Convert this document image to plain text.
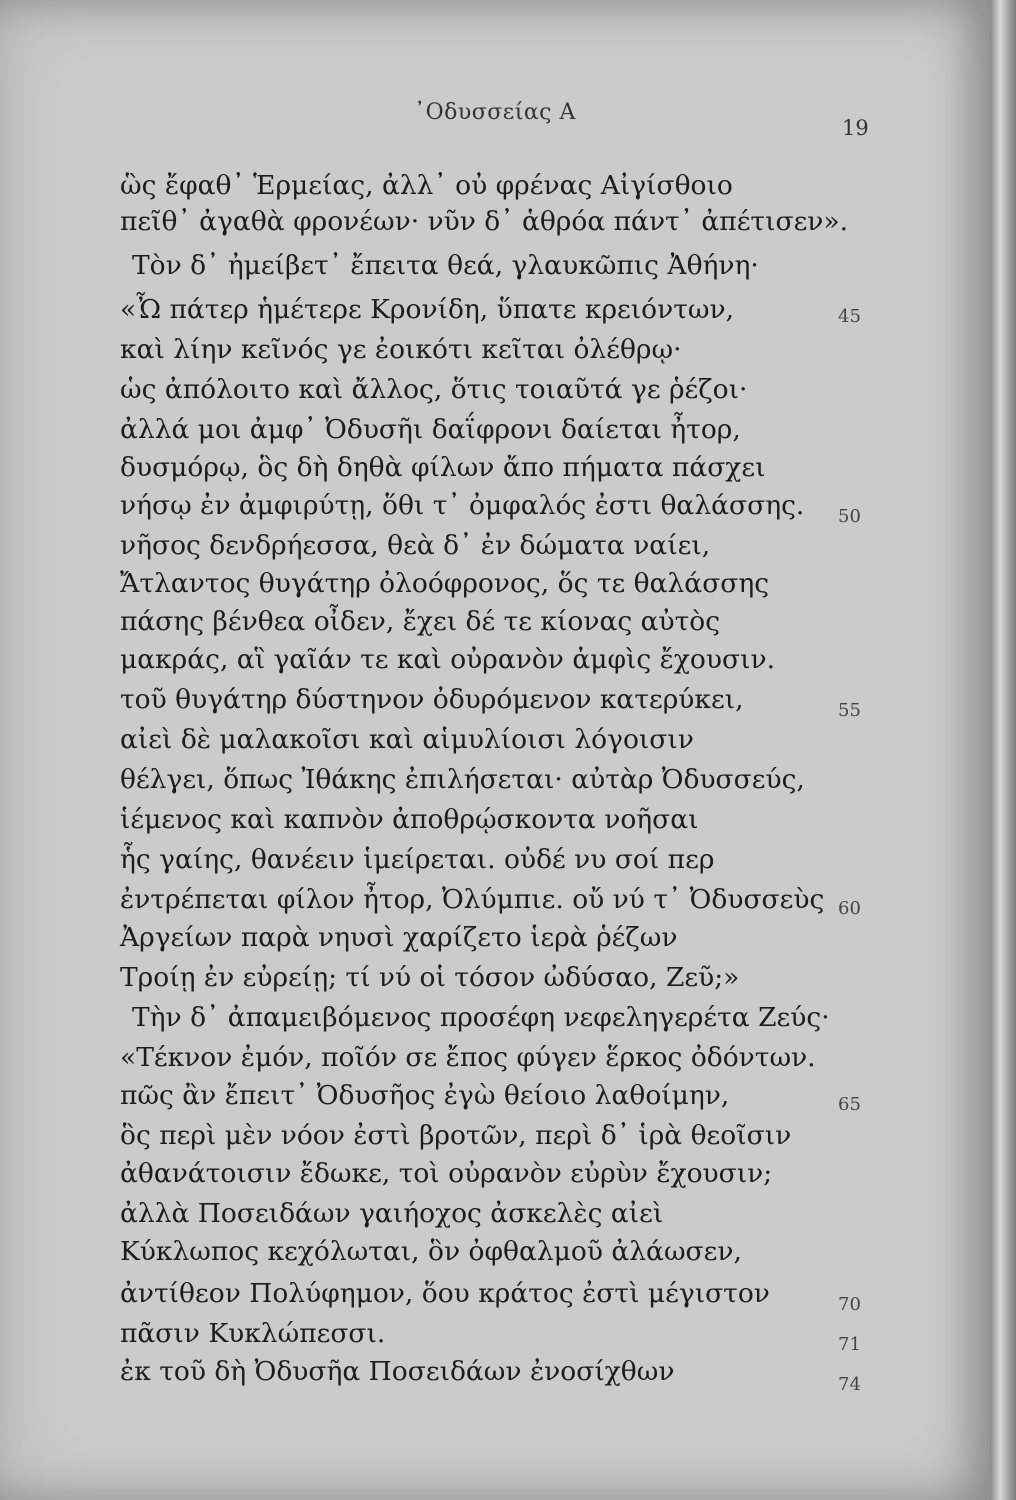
᾿Οδυσσείας Α
19
ὣς ἔφαθ᾿ Ἑρμείας, ἀλλ᾿ οὐ φρένας Αἰγίσθοιο
πεῖθ᾿ ἀγαθὰ φρονέων· νῦν δ᾿ ἁθρόα πάντ᾿ ἀπέτισεν».
Τὸν δ᾿ ἠμείβετ᾿ ἔπειτα θεά, γλαυκῶπις Ἀθήνη·
«Ὦ πάτερ ἡμέτερε Κρονίδη, ὕπατε κρειόντων,
καὶ λίην κεῖνός γε ἐοικότι κεῖται ὀλέθρῳ·
ὡς ἀπόλοιτο καὶ ἄλλος, ὅτις τοιαῦτά γε ῥέζοι·
ἀλλά μοι ἀμφ᾿ Ὀδυσῆι δαΐφρονι δαίεται ἦτορ,
δυσμόρῳ, ὃς δὴ δηθὰ φίλων ἄπο πήματα πάσχει
νήσῳ ἐν ἀμφιρύτῃ, ὅθι τ᾿ ὀμφαλός ἐστι θαλάσσης.
νῆσος δενδρήεσσα, θεὰ δ᾿ ἐν δώματα ναίει,
Ἄτλαντος θυγάτηρ ὀλοόφρονος, ὅς τε θαλάσσης
πάσης βένθεα οἶδεν, ἔχει δέ τε κίονας αὐτὸς
μακράς, αἳ γαῖάν τε καὶ οὐρανὸν ἀμφὶς ἔχουσιν.
τοῦ θυγάτηρ δύστηνον ὀδυρόμενον κατερύκει,
αἰεὶ δὲ μαλακοῖσι καὶ αἱμυλίοισι λόγοισιν
θέλγει, ὅπως Ἰθάκης ἐπιλήσεται· αὐτὰρ Ὀδυσσεύς,
ἱέμενος καὶ καπνὸν ἀποθρῴσκοντα νοῆσαι
ἧς γαίης, θανέειν ἱμείρεται. οὐδέ νυ σοί περ
ἐντρέπεται φίλον ἦτορ, Ὀλύμπιε. οὔ νύ τ᾿ Ὀδυσσεὺς
Ἀργείων παρὰ νηυσὶ χαρίζετο ἱερὰ ῥέζων
Τροίῃ ἐν εὐρείῃ; τί νύ οἱ τόσον ὠδύσαο, Ζεῦ;»
Τὴν δ᾿ ἀπαμειβόμενος προσέφη νεφεληγερέτα Ζεύς·
«Τέκνον ἐμόν, ποῖόν σε ἔπος φύγεν ἕρκος ὀδόντων.
πῶς ἂν ἔπειτ᾿ Ὀδυσῆος ἐγὼ θείοιο λαθοίμην,
ὃς περὶ μὲν νόον ἐστὶ βροτῶν, περὶ δ᾿ ἱρὰ θεοῖσιν
ἀθανάτοισιν ἔδωκε, τοὶ οὐρανὸν εὐρὺν ἔχουσιν;
ἀλλὰ Ποσειδάων γαιήοχος ἀσκελὲς αἰεὶ
Κύκλωπος κεχόλωται, ὃν ὀφθαλμοῦ ἀλάωσεν,
ἀντίθεον Πολύφημον, ὅου κράτος ἐστὶ μέγιστον
πᾶσιν Κυκλώπεσσι.
ἐκ τοῦ δὴ Ὀδυσῆα Ποσειδάων ἐνοσίχθων
45
50
55
60
65
70
71
74
